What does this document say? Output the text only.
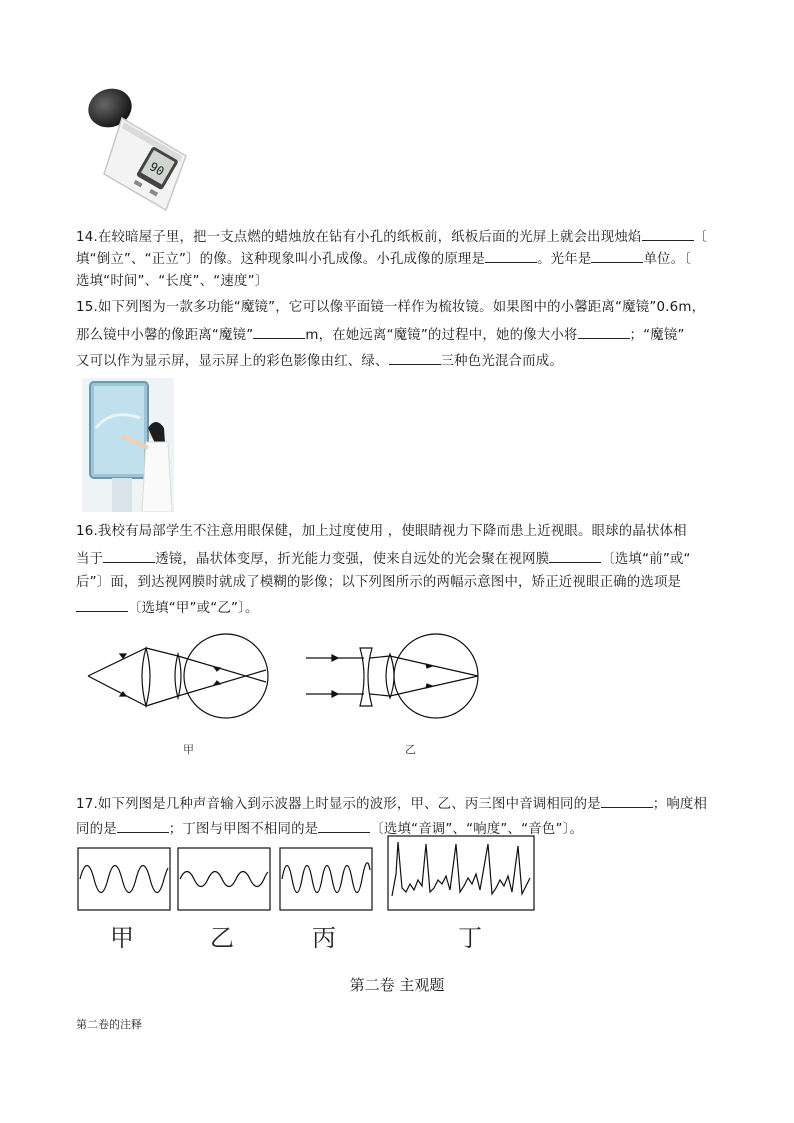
90
14.在较暗屋子里，把一支点燃的蜡烛放在钻有小孔的纸板前，纸板后面的光屏上就会出现烛焰	〔
填“倒立”、“正立”〕的像。这种现象叫小孔成像。小孔成像的原理是	。光年是	单位。〔
选填“时间”、“长度”、“速度”〕
15.如下列图为一款多功能“魔镜”，它可以像平面镜一样作为梳妆镜。如果图中的小馨距离“魔镜”0.6m，
那么镜中小馨的像距离“魔镜”	m，在她远离“魔镜”的过程中，她的像大小将	；“魔镜”
又可以作为显示屏，显示屏上的彩色影像由红、绿、	三种色光混合而成。
16.我校有局部学生不注意用眼保健，加上过度使用 ，使眼睛视力下降而患上近视眼。眼球的晶状体相
当于	透镜，晶状体变厚，折光能力变强，使来自远处的光会聚在视网膜	〔选填“前”或“
后”〕面，到达视网膜时就成了模糊的影像；以下列图所示的两幅示意图中，矫正近视眼正确的选项是
〔选填“甲”或“乙”〕。
甲	乙
17.如下列图是几种声音输入到示波器上时显示的波形，甲、乙、丙三图中音调相同的是	；响度相
同的是	；丁图与甲图不相同的是	〔选填“音调”、“响度”、“音色”〕。
甲	乙	丙	丁
第二卷 主观题
第二卷的注释
